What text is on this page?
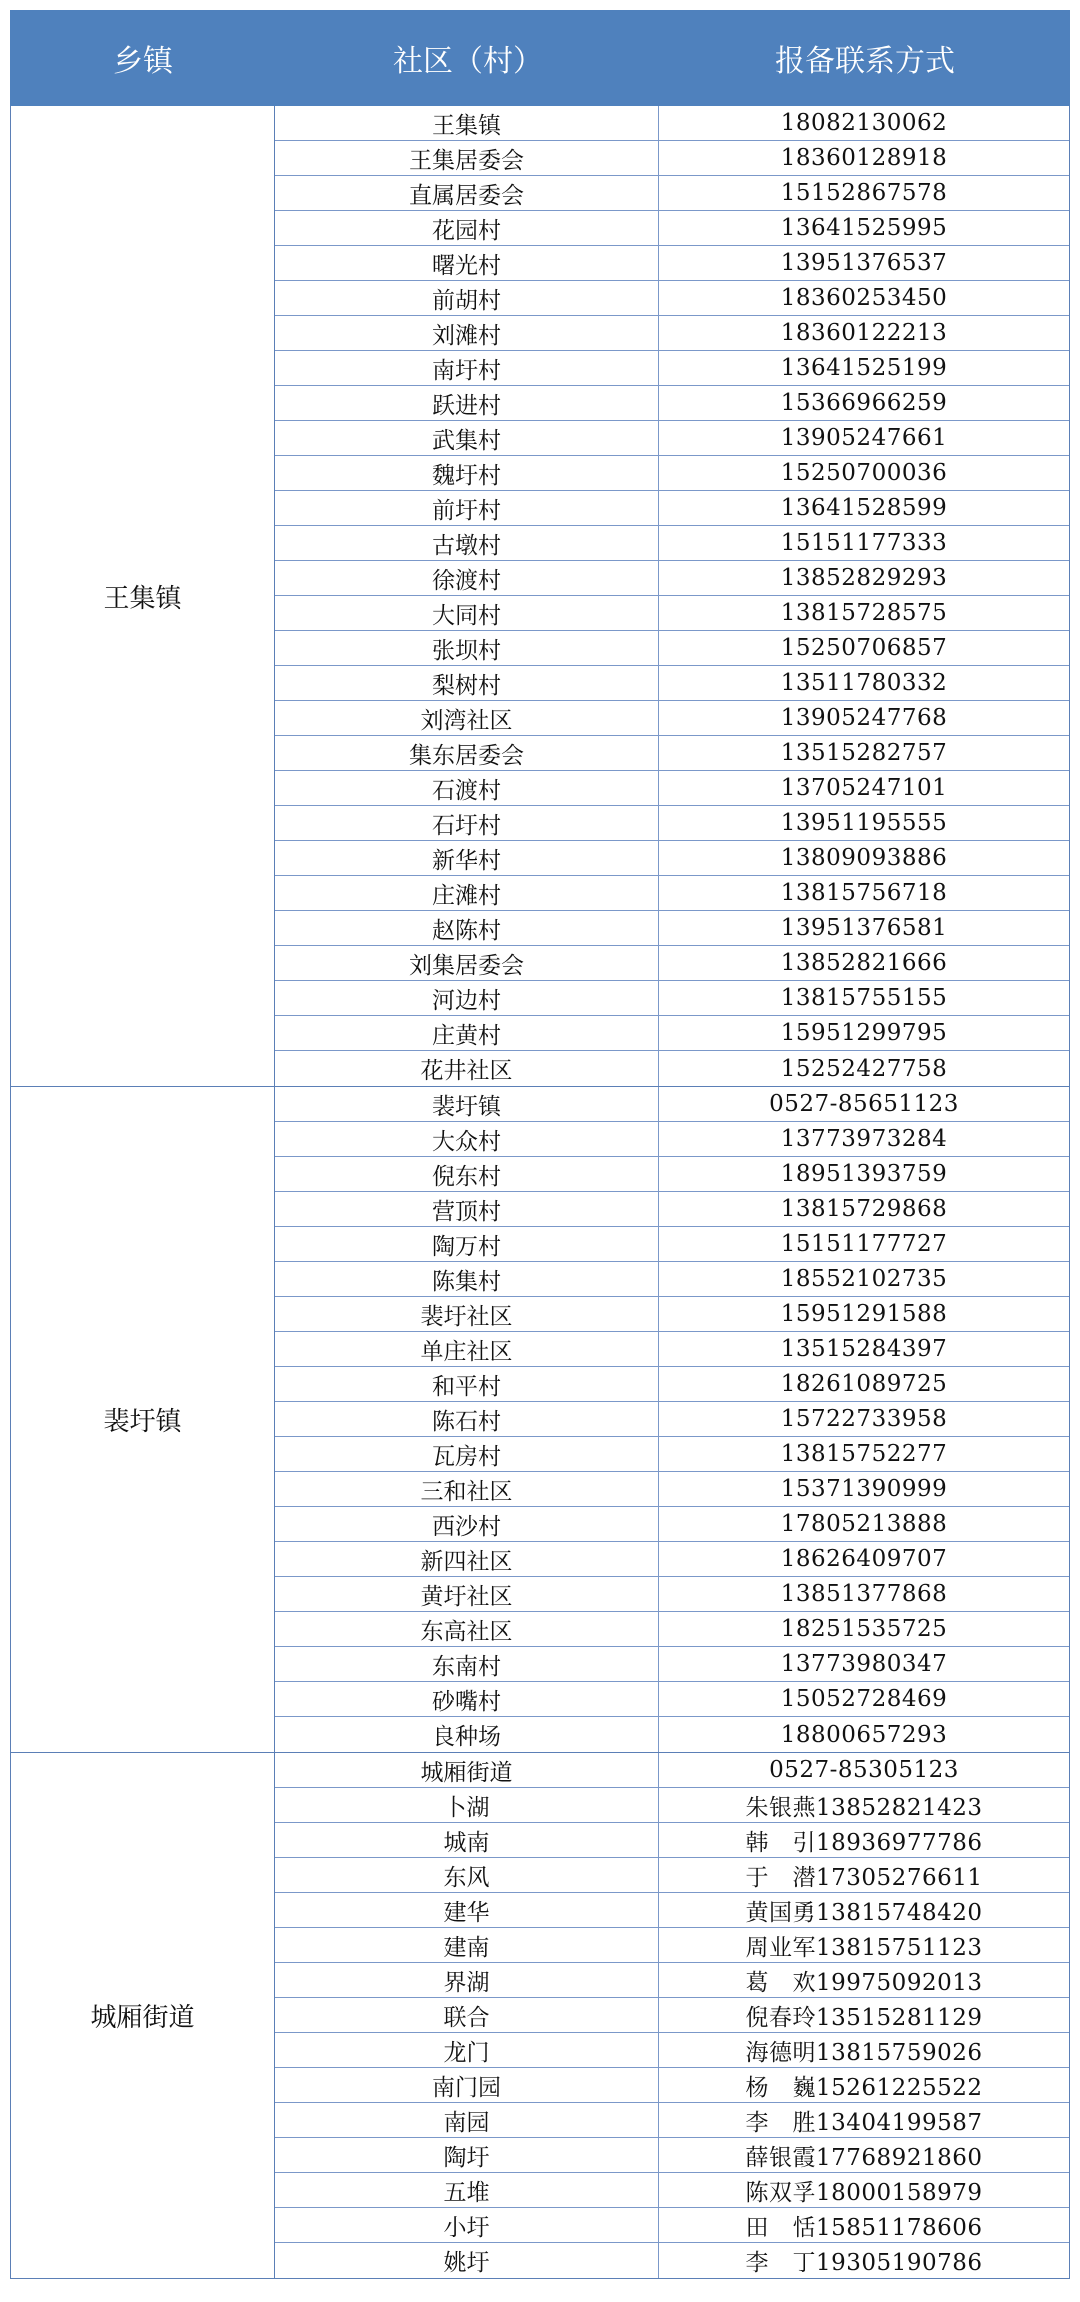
乡镇	社区（村）	报备联系方式
王集镇
王集镇	18082130062
王集居委会	18360128918
直属居委会	15152867578
花园村	13641525995
曙光村	13951376537
前胡村	18360253450
刘滩村	18360122213
南圩村	13641525199
跃进村	15366966259
武集村	13905247661
魏圩村	15250700036
前圩村	13641528599
古墩村	15151177333
徐渡村	13852829293
大同村	13815728575
张坝村	15250706857
梨树村	13511780332
刘湾社区	13905247768
集东居委会	13515282757
石渡村	13705247101
石圩村	13951195555
新华村	13809093886
庄滩村	13815756718
赵陈村	13951376581
刘集居委会	13852821666
河边村	13815755155
庄黄村	15951299795
花井社区	15252427758
裴圩镇
裴圩镇	0527-85651123
大众村	13773973284
倪东村	18951393759
营顶村	13815729868
陶万村	15151177727
陈集村	18552102735
裴圩社区	15951291588
单庄社区	13515284397
和平村	18261089725
陈石村	15722733958
瓦房村	13815752277
三和社区	15371390999
西沙村	17805213888
新四社区	18626409707
黄圩社区	13851377868
东高社区	18251535725
东南村	13773980347
砂嘴村	15052728469
良种场	18800657293
城厢街道
城厢街道	0527-85305123
卜湖	朱银燕13852821423
城南	韩　引18936977786
东风	于　潜17305276611
建华	黄国勇13815748420
建南	周业军13815751123
界湖	葛　欢19975092013
联合	倪春玲13515281129
龙门	海德明13815759026
南门园	杨　巍15261225522
南园	李　胜13404199587
陶圩	薛银霞17768921860
五堆	陈双孚18000158979
小圩	田　恬15851178606
姚圩	李　丁19305190786
